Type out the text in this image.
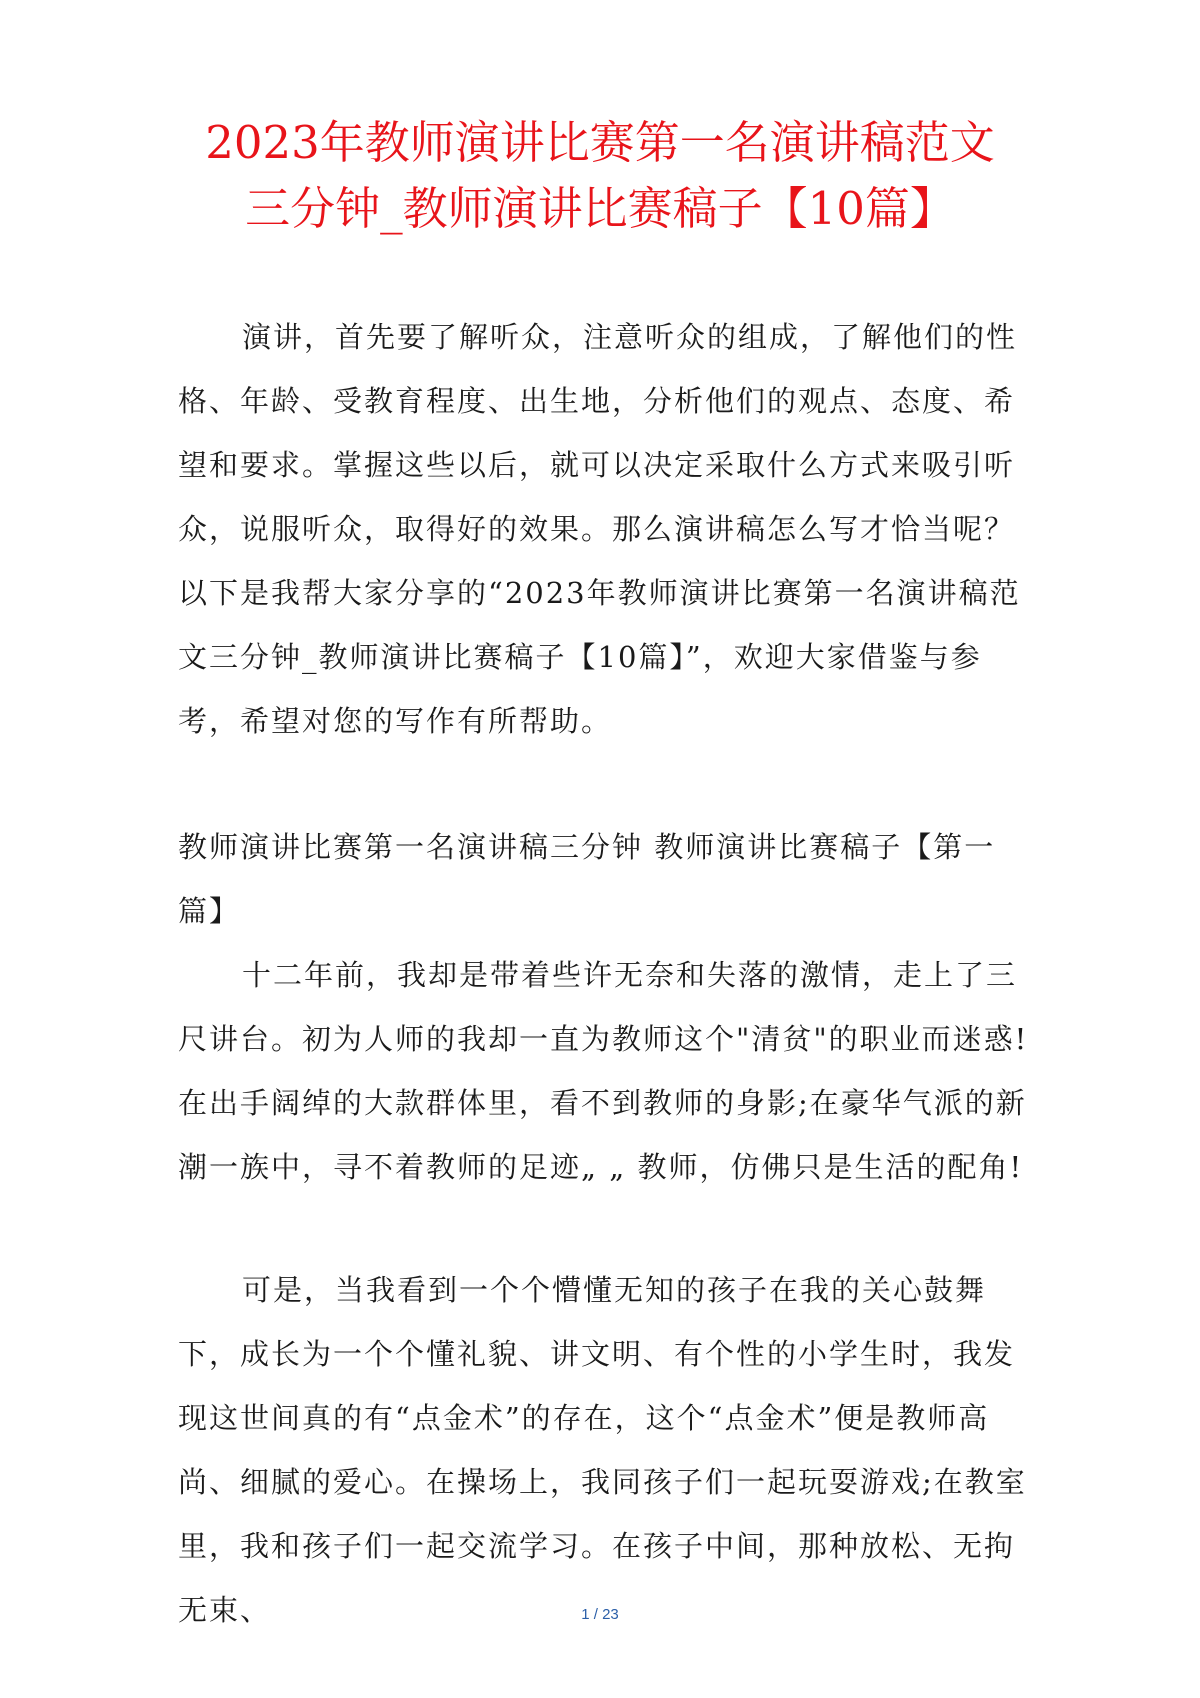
2023年教师演讲比赛第一名演讲稿范文
三分钟_教师演讲比赛稿子【10篇】

演讲，首先要了解听众，注意听众的组成，了解他们的性格、年龄、受教育程度、出生地，分析他们的观点、态度、希望和要求。掌握这些以后，就可以决定采取什么方式来吸引听众，说服听众，取得好的效果。那么演讲稿怎么写才恰当呢？以下是我帮大家分享的“2023年教师演讲比赛第一名演讲稿范文三分钟_教师演讲比赛稿子【10篇】”，欢迎大家借鉴与参考，希望对您的写作有所帮助。

教师演讲比赛第一名演讲稿三分钟 教师演讲比赛稿子【第一篇】

十二年前，我却是带着些许无奈和失落的激情，走上了三尺讲台。初为人师的我却一直为教师这个"清贫"的职业而迷惑!在出手阔绰的大款群体里，看不到教师的身影;在豪华气派的新潮一族中，寻不着教师的足迹„ „ 教师，仿佛只是生活的配角!

可是，当我看到一个个懵懂无知的孩子在我的关心鼓舞下，成长为一个个懂礼貌、讲文明、有个性的小学生时，我发现这世间真的有“点金术”的存在，这个“点金术”便是教师高尚、细腻的爱心。在操场上，我同孩子们一起玩耍游戏;在教室里，我和孩子们一起交流学习。在孩子中间，那种放松、无拘无束、	1 / 23
